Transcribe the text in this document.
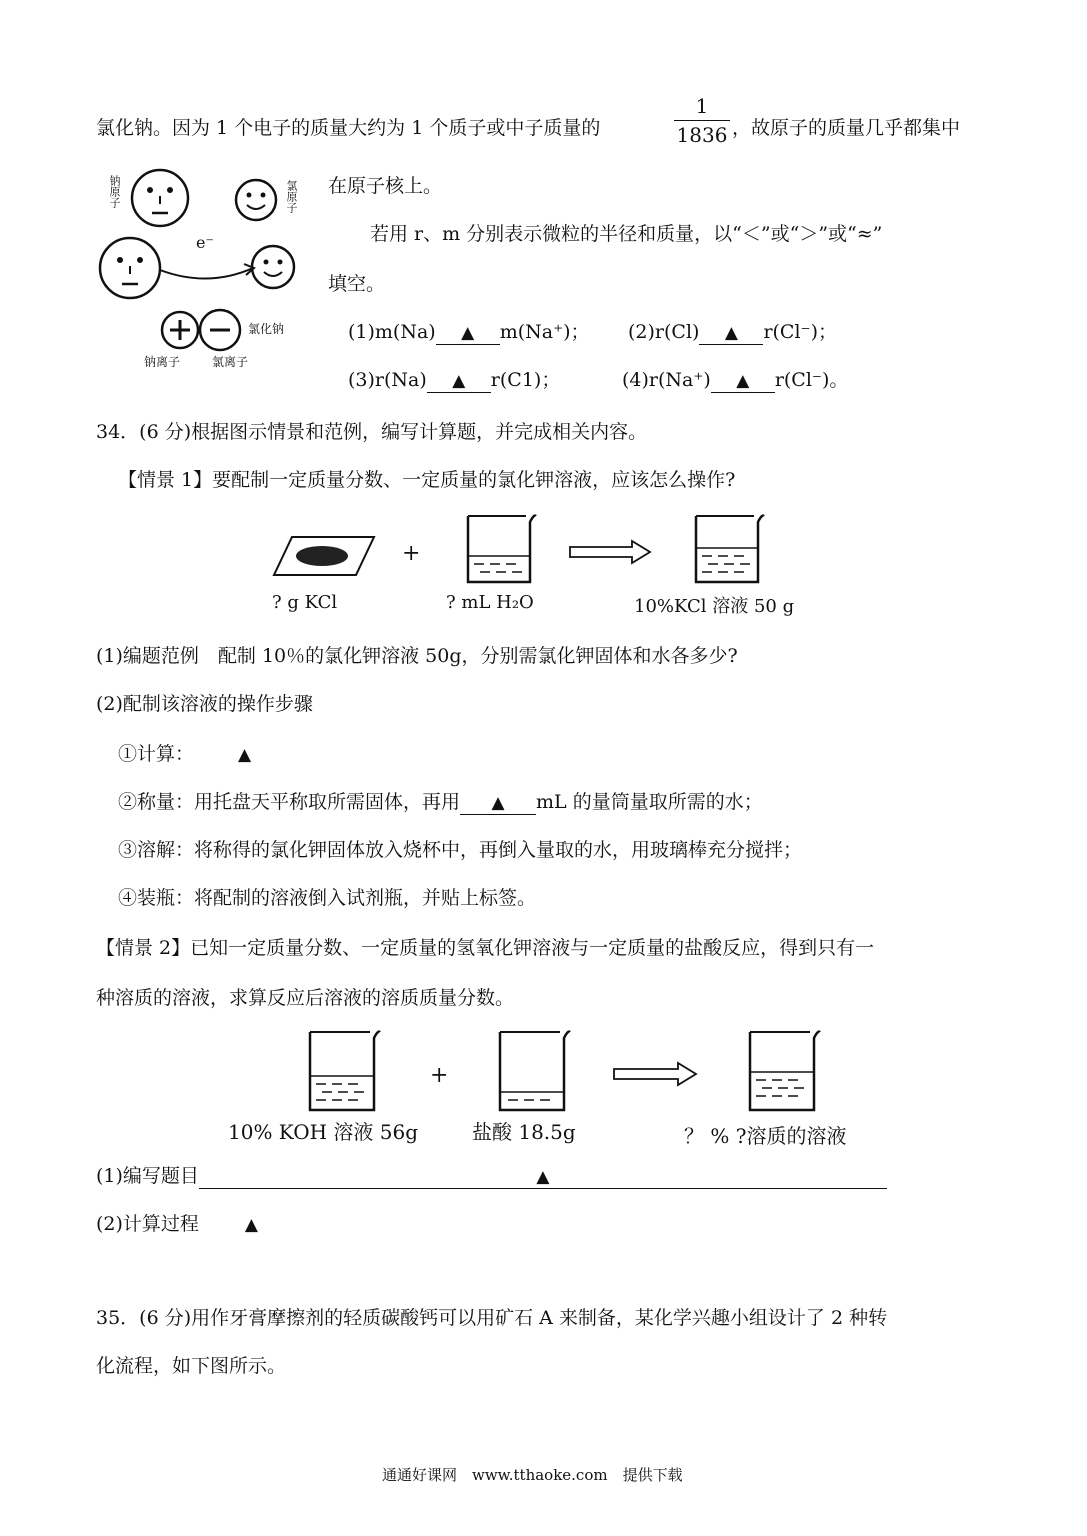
氯化钠。因为 1 个电子的质量大约为 1 个质子或中子质量的
1
1836 ，故原子的质量几乎都集中
在原子核上。
若用 r、m 分别表示微粒的半径和质量，以“＜”或“＞”或“≈”
填空。
钠原子	氯原子
e⁻
氯化钠
钠离子	氯离子
(1)m(Na) ▲ m(Na⁺)； (2)r(Cl) ▲ r(Cl⁻)；
(3)r(Na) ▲ r(C1)；	(4)r(Na⁺) ▲ r(Cl⁻)。
34．(6 分)根据图示情景和范例，编写计算题，并完成相关内容。
【情景 1】要配制一定质量分数、一定质量的氯化钾溶液，应该怎么操作?
+
? g KCl	? mL H₂O	10%KCl 溶液 50 g
(1)编题范例　配制 10％的氯化钾溶液 50g，分别需氯化钾固体和水各多少?
(2)配制该溶液的操作步骤
①计算：	▲
②称量：用托盘天平称取所需固体，再用 ▲ mL 的量筒量取所需的水；
③溶解：将称得的氯化钾固体放入烧杯中，再倒入量取的水，用玻璃棒充分搅拌；
④装瓶：将配制的溶液倒入试剂瓶，并贴上标签。
【情景 2】已知一定质量分数、一定质量的氢氧化钾溶液与一定质量的盐酸反应，得到只有一
种溶质的溶液，求算反应后溶液的溶质质量分数。
+
10% KOH 溶液 56g	盐酸 18.5g	？ % ?溶质的溶液
(1)编写题目	▲
(2)计算过程	▲
35．(6 分)用作牙膏摩擦剂的轻质碳酸钙可以用矿石 A 来制备，某化学兴趣小组设计了 2 种转
化流程，如下图所示。
通通好课网　www.tthaoke.com　提供下载
